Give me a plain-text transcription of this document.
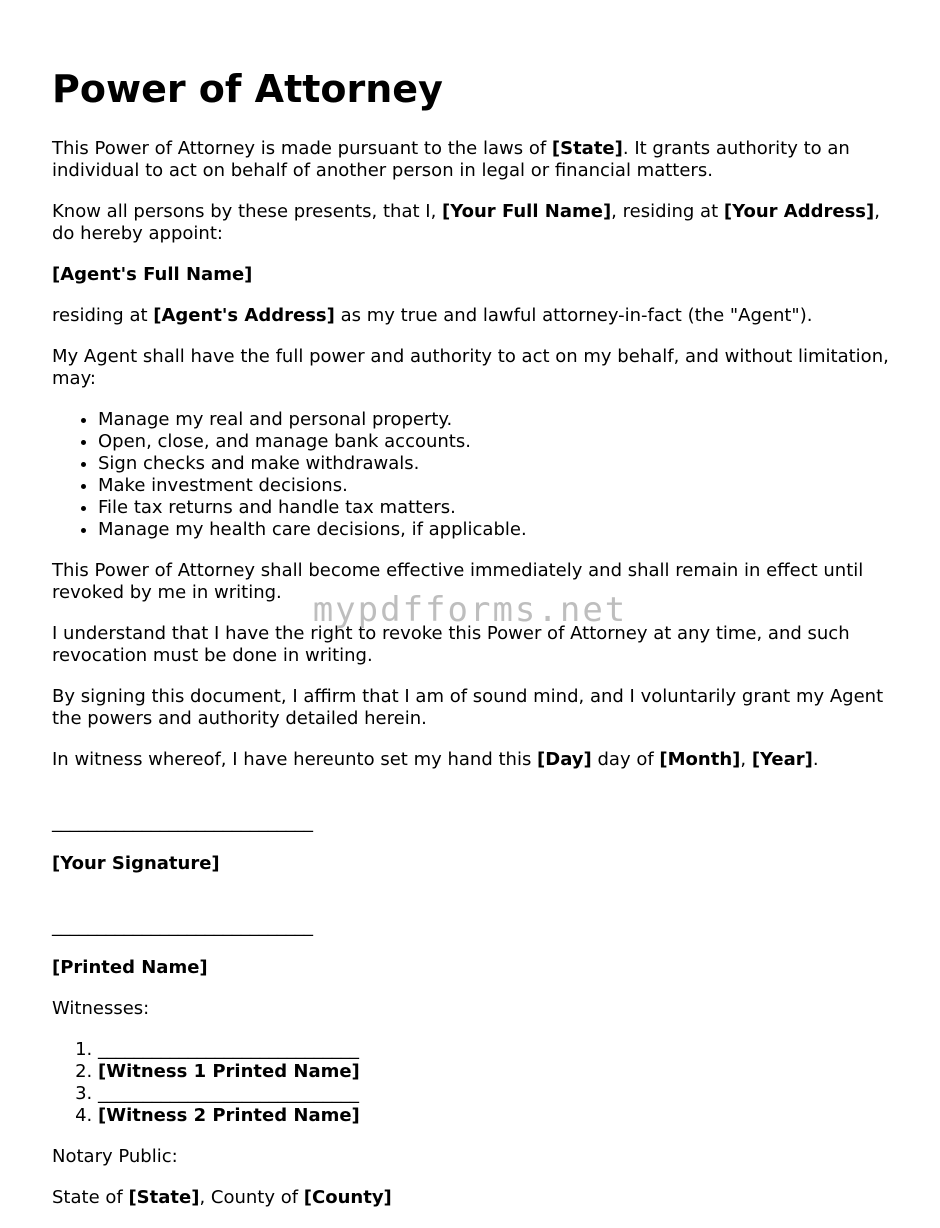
Power of Attorney

This Power of Attorney is made pursuant to the laws of [State]. It grants authority to an individual to act on behalf of another person in legal or financial matters.

Know all persons by these presents, that I, [Your Full Name], residing at [Your Address], do hereby appoint:

[Agent's Full Name]

residing at [Agent's Address] as my true and lawful attorney-in-fact (the "Agent").

My Agent shall have the full power and authority to act on my behalf, and without limitation, may:

• Manage my real and personal property.
• Open, close, and manage bank accounts.
• Sign checks and make withdrawals.
• Make investment decisions.
• File tax returns and handle tax matters.
• Manage my health care decisions, if applicable.

This Power of Attorney shall become effective immediately and shall remain in effect until revoked by me in writing.

I understand that I have the right to revoke this Power of Attorney at any time, and such revocation must be done in writing.

By signing this document, I affirm that I am of sound mind, and I voluntarily grant my Agent the powers and authority detailed herein.

In witness whereof, I have hereunto set my hand this [Day] day of [Month], [Year].

_____________________________

[Your Signature]

_____________________________

[Printed Name]

Witnesses:

1. _____________________________
2. [Witness 1 Printed Name]
3. _____________________________
4. [Witness 2 Printed Name]

Notary Public:

State of [State], County of [County]

mypdfforms.net
